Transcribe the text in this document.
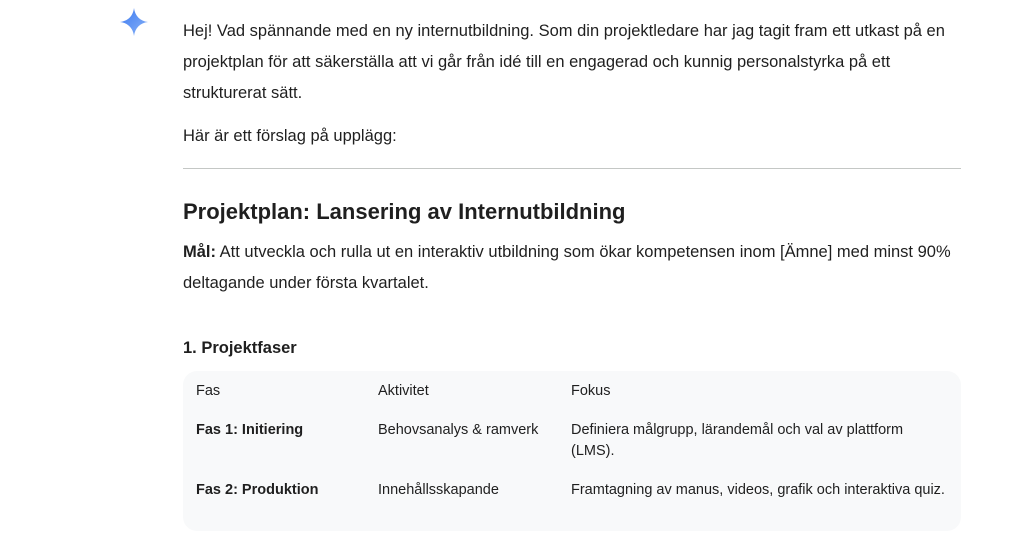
Hej! Vad spännande med en ny internutbildning. Som din projektledare har jag tagit fram ett utkast på en projektplan för att säkerställa att vi går från idé till en engagerad och kunnig personalstyrka på ett strukturerat sätt.

Här är ett förslag på upplägg:

Projektplan: Lansering av Internutbildning

Mål: Att utveckla och rulla ut en interaktiv utbildning som ökar kompetensen inom [Ämne] med minst 90% deltagande under första kvartalet.

1. Projektfaser
Fas	Aktivitet	Fokus
Fas 1: Initiering	Behovsanalys & ramverk	Definiera målgrupp, lärandemål och val av plattform (LMS).
Fas 2: Produktion	Innehållsskapande	Framtagning av manus, videos, grafik och interaktiva quiz.
